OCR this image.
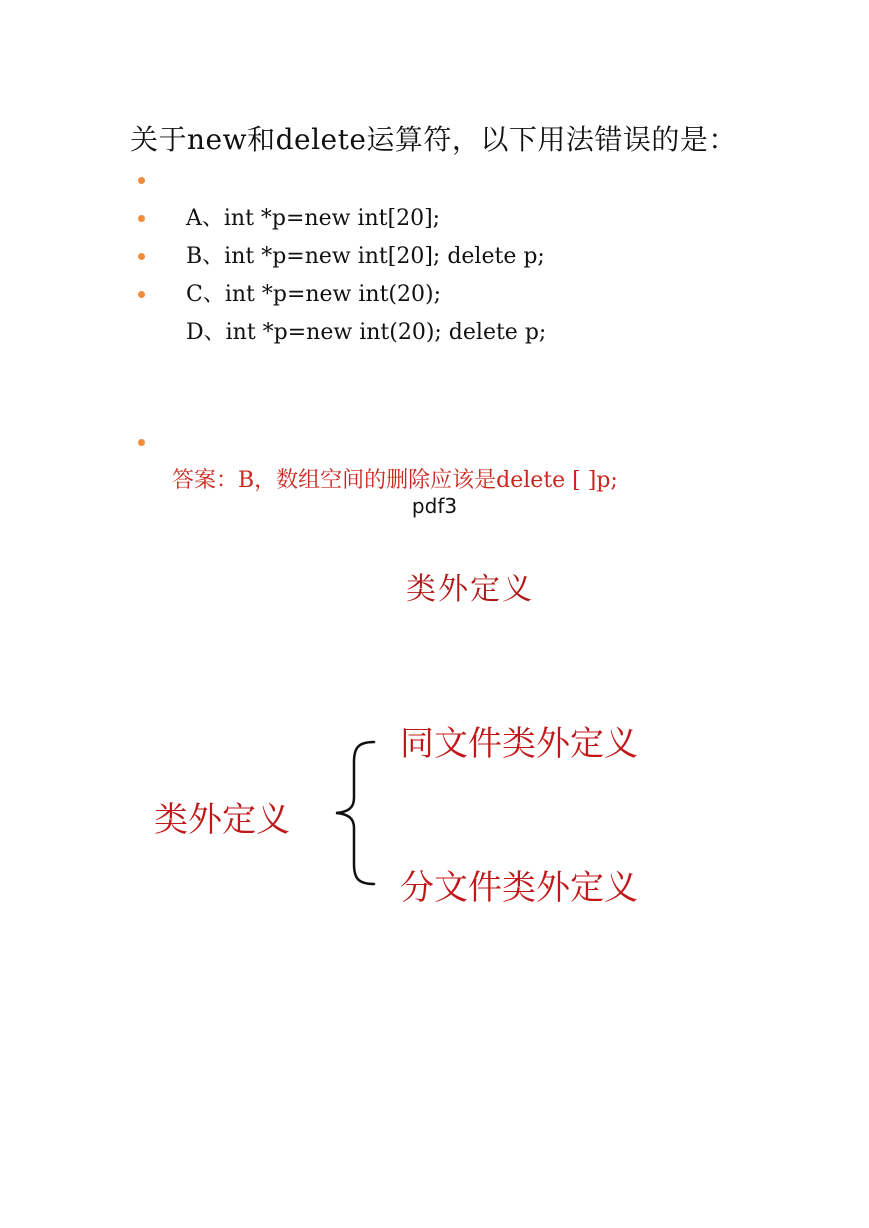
关于new和delete运算符，以下用法错误的是：

A、int *p=new int[20];

B、int *p=new int[20]; delete p;

C、int *p=new int(20);

D、int *p=new int(20); delete p;

答案：B，数组空间的删除应该是delete [ ]p;

pdf3
类外定义
类外定义
同文件类外定义
分文件类外定义
